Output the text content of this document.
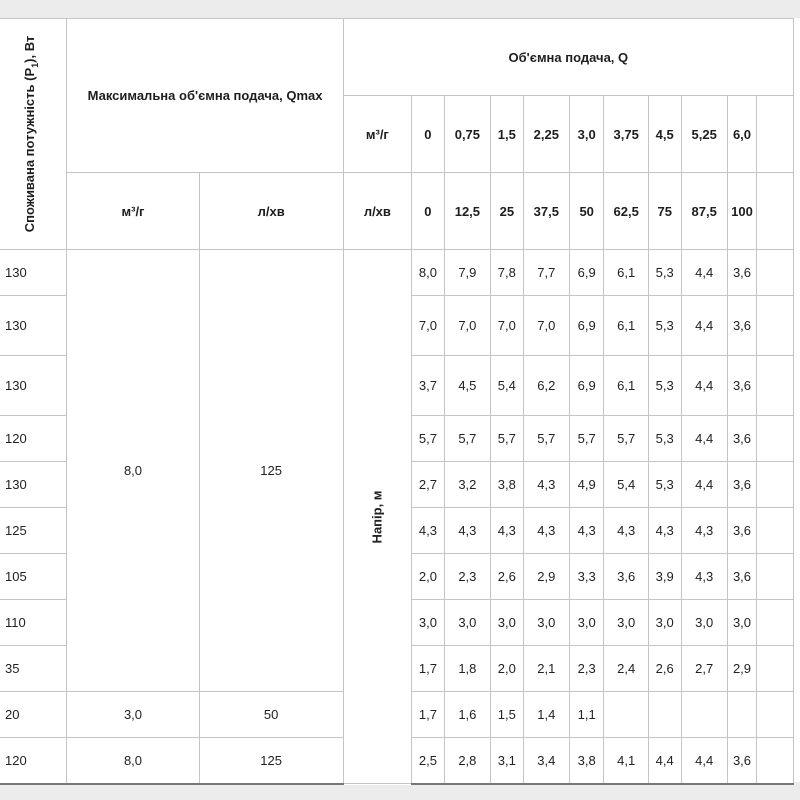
Споживана потужність $(P_1)$, Вт	Максимальна об'ємна подача, Qmax		Об'ємна подача, Q										
			м³/г	0	0,75	1,5	2,25	3,0	3,75	4,5	5,25	6,0	
	м³/г	л/хв	л/хв	0	12,5	25	37,5	50	62,5	75	87,5	100	
130	8,0	125	Напір, м	8,0	7,9	7,8	7,7	6,9	6,1	5,3	4,4	3,6	
130				7,0	7,0	7,0	7,0	6,9	6,1	5,3	4,4	3,6	
130				3,7	4,5	5,4	6,2	6,9	6,1	5,3	4,4	3,6	
120				5,7	5,7	5,7	5,7	5,7	5,7	5,3	4,4	3,6	
130				2,7	3,2	3,8	4,3	4,9	5,4	5,3	4,4	3,6	
125				4,3	4,3	4,3	4,3	4,3	4,3	4,3	4,3	3,6	
105				2,0	2,3	2,6	2,9	3,3	3,6	3,9	4,3	3,6	
110				3,0	3,0	3,0	3,0	3,0	3,0	3,0	3,0	3,0	
35				1,7	1,8	2,0	2,1	2,3	2,4	2,6	2,7	2,9	
20	3,0	50		1,7	1,6	1,5	1,4	1,1					
120	8,0	125		2,5	2,8	3,1	3,4	3,8	4,1	4,4	4,4	3,6	
